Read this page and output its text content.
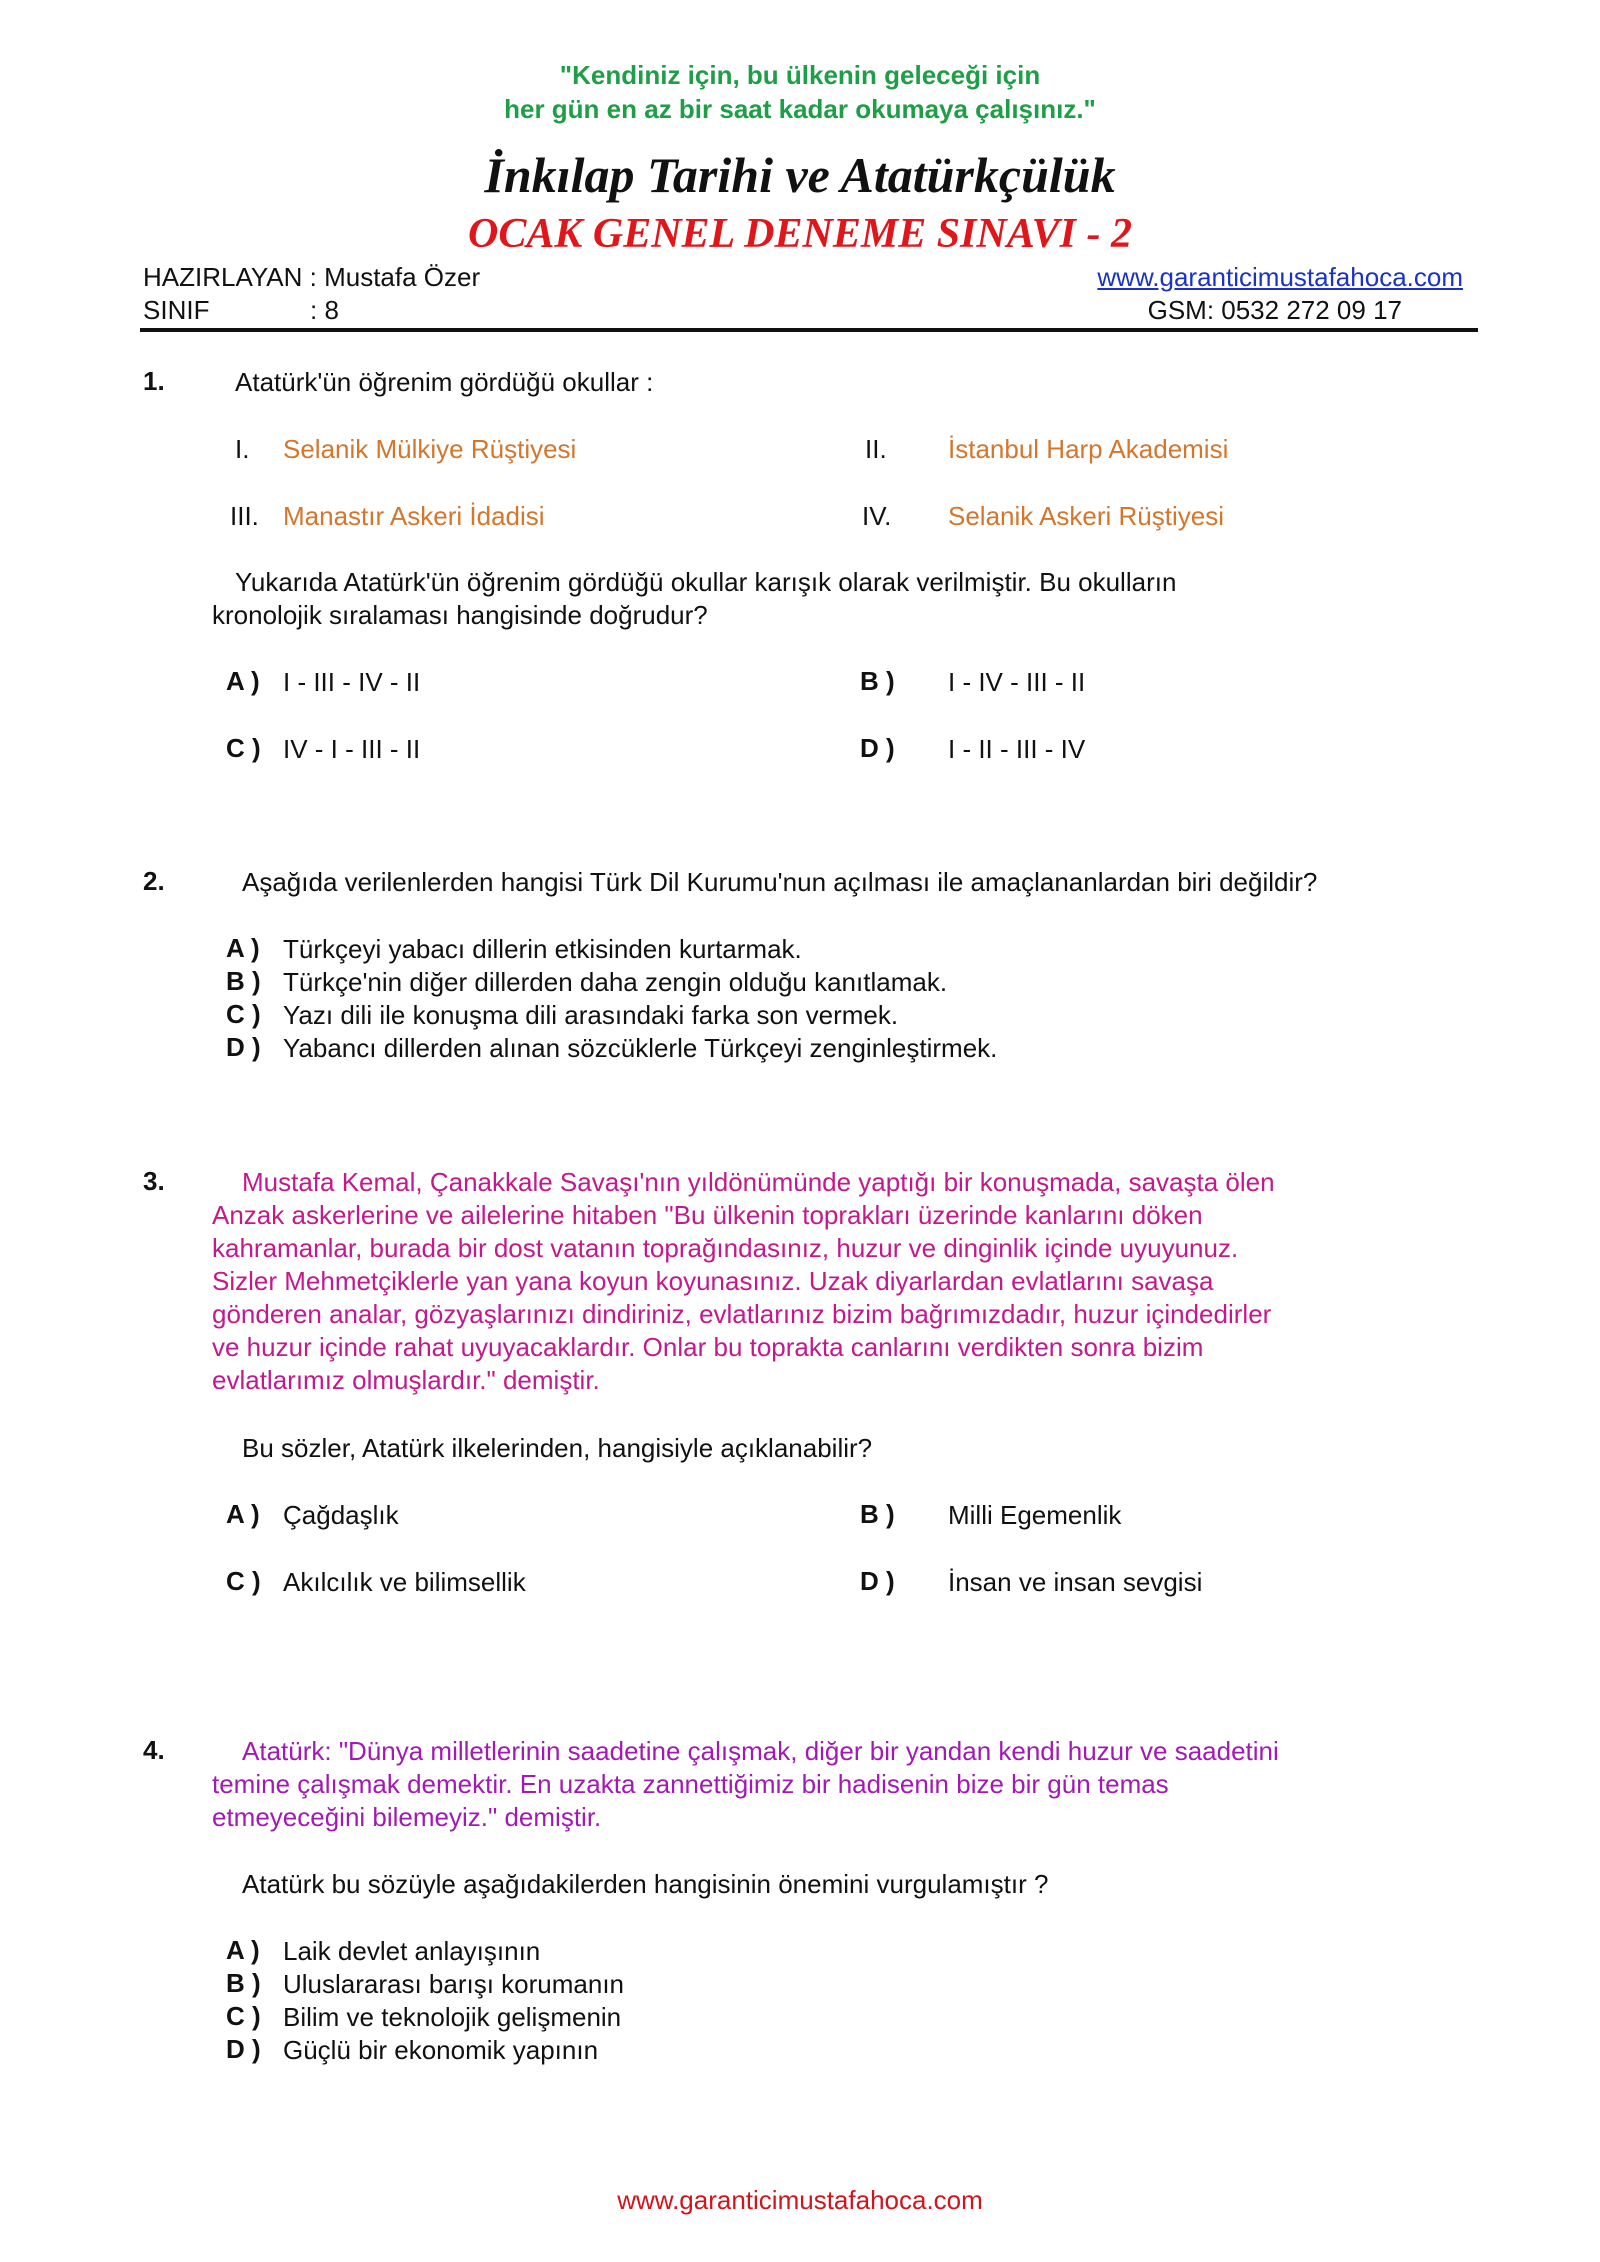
"Kendiniz için, bu ülkenin geleceği için
her gün en az bir saat kadar okumaya çalışınız."
İnkılap Tarihi ve Atatürkçülük
OCAK GENEL DENEME SINAVI - 2
HAZIRLAYAN : Mustafa Özer	www.garanticimustafahoca.com
SINIF	: 8	GSM: 0532 272 09 17
1.	Atatürk'ün öğrenim gördüğü okullar :
I. Selanik Mülkiye Rüştiyesi	II. İstanbul Harp Akademisi
III. Manastır Askeri İdadisi	IV. Selanik Askeri Rüştiyesi
Yukarıda Atatürk'ün öğrenim gördüğü okullar karışık olarak verilmiştir. Bu okulların
kronolojik sıralaması hangisinde doğrudur?
A ) I - III - IV - II	B ) I - IV - III - II
C ) IV - I - III - II	D ) I - II - III - IV
2.	Aşağıda verilenlerden hangisi Türk Dil Kurumu'nun açılması ile amaçlananlardan biri değildir?
A ) Türkçeyi yabacı dillerin etkisinden kurtarmak.
B ) Türkçe'nin diğer dillerden daha zengin olduğu kanıtlamak.
C ) Yazı dili ile konuşma dili arasındaki farka son vermek.
D ) Yabancı dillerden alınan sözcüklerle Türkçeyi zenginleştirmek.
3.	Mustafa Kemal, Çanakkale Savaşı'nın yıldönümünde yaptığı bir konuşmada, savaşta ölen
Anzak askerlerine ve ailelerine hitaben "Bu ülkenin toprakları üzerinde kanlarını döken
kahramanlar, burada bir dost vatanın toprağındasınız, huzur ve dinginlik içinde uyuyunuz.
Sizler Mehmetçiklerle yan yana koyun koyunasınız. Uzak diyarlardan evlatlarını savaşa
gönderen analar, gözyaşlarınızı dindiriniz, evlatlarınız bizim bağrımızdadır, huzur içindedirler
ve huzur içinde rahat uyuyacaklardır. Onlar bu toprakta canlarını verdikten sonra bizim
evlatlarımız olmuşlardır." demiştir.
Bu sözler, Atatürk ilkelerinden, hangisiyle açıklanabilir?
A ) Çağdaşlık	B ) Milli Egemenlik
C ) Akılcılık ve bilimsellik	D ) İnsan ve insan sevgisi
4.	Atatürk: "Dünya milletlerinin saadetine çalışmak, diğer bir yandan kendi huzur ve saadetini
temine çalışmak demektir. En uzakta zannettiğimiz bir hadisenin bize bir gün temas
etmeyeceğini bilemeyiz." demiştir.
Atatürk bu sözüyle aşağıdakilerden hangisinin önemini vurgulamıştır ?
A ) Laik devlet anlayışının
B ) Uluslararası barışı korumanın
C ) Bilim ve teknolojik gelişmenin
D ) Güçlü bir ekonomik yapının
www.garanticimustafahoca.com
